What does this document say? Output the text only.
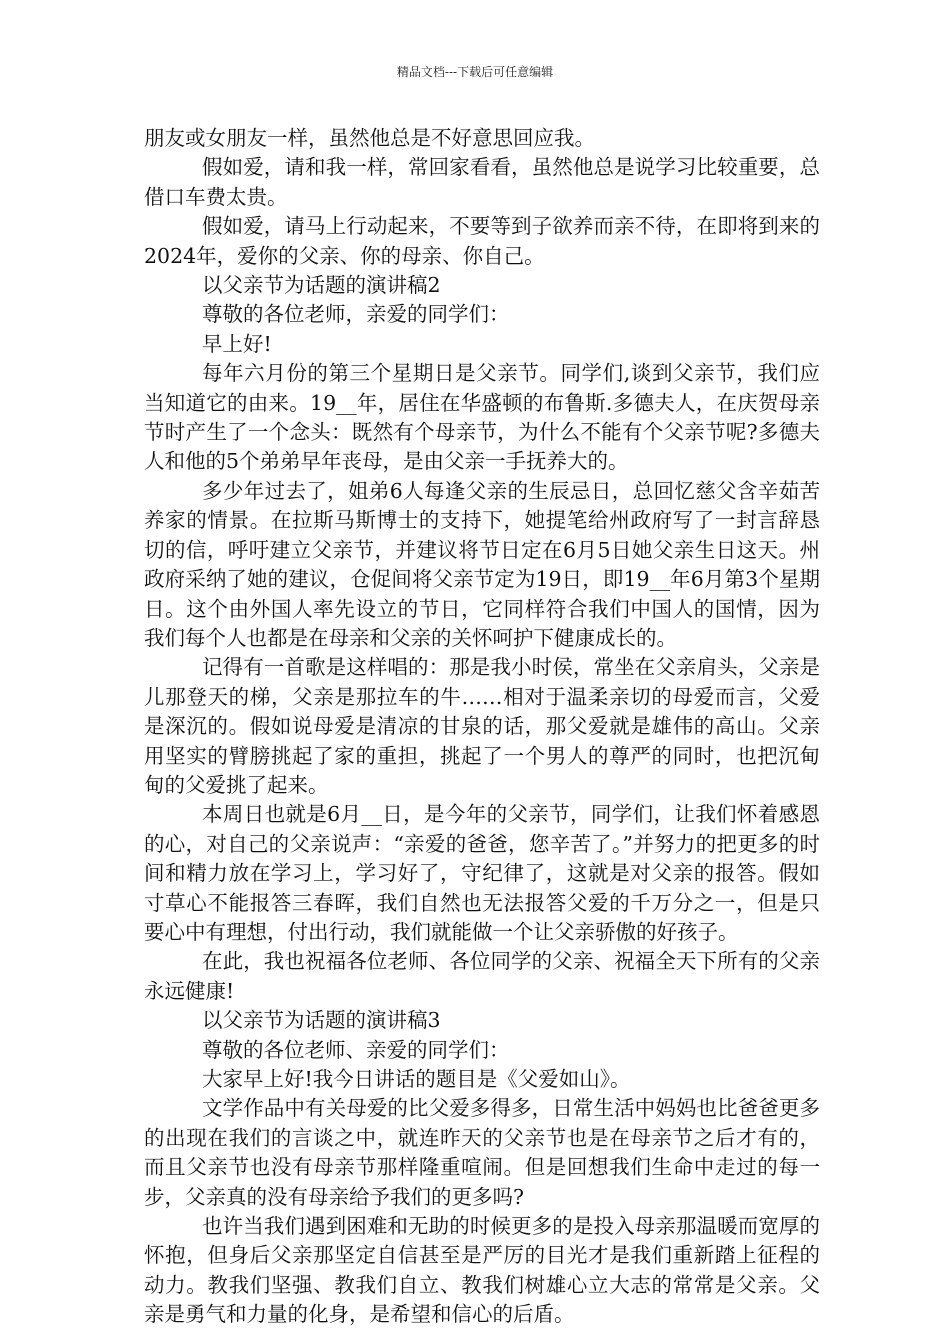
精品文档---下载后可任意编辑

朋友或女朋友一样，虽然他总是不好意思回应我。

假如爱，请和我一样，常回家看看，虽然他总是说学习比较重要，总借口车费太贵。

假如爱，请马上行动起来，不要等到子欲养而亲不待，在即将到来的2024年，爱你的父亲、你的母亲、你自己。

以父亲节为话题的演讲稿2

尊敬的各位老师，亲爱的同学们：

早上好!

每年六月份的第三个星期日是父亲节。同学们,谈到父亲节，我们应当知道它的由来。19__年，居住在华盛顿的布鲁斯.多德夫人，在庆贺母亲节时产生了一个念头：既然有个母亲节，为什么不能有个父亲节呢?多德夫人和他的5个弟弟早年丧母，是由父亲一手抚养大的。

多少年过去了，姐弟6人每逢父亲的生辰忌日，总回忆慈父含辛茹苦养家的情景。在拉斯马斯博士的支持下，她提笔给州政府写了一封言辞恳切的信，呼吁建立父亲节，并建议将节日定在6月5日她父亲生日这天。州政府采纳了她的建议，仓促间将父亲节定为19日，即19__年6月第3个星期日。这个由外国人率先设立的节日，它同样符合我们中国人的国情，因为我们每个人也都是在母亲和父亲的关怀呵护下健康成长的。

记得有一首歌是这样唱的：那是我小时侯，常坐在父亲肩头，父亲是儿那登天的梯，父亲是那拉车的牛……相对于温柔亲切的母爱而言，父爱是深沉的。假如说母爱是清凉的甘泉的话，那父爱就是雄伟的高山。父亲用坚实的臂膀挑起了家的重担，挑起了一个男人的尊严的同时，也把沉甸甸的父爱挑了起来。

本周日也就是6月__日，是今年的父亲节，同学们，让我们怀着感恩的心，对自己的父亲说声：“亲爱的爸爸，您辛苦了。”并努力的把更多的时间和精力放在学习上，学习好了，守纪律了，这就是对父亲的报答。假如寸草心不能报答三春晖，我们自然也无法报答父爱的千万分之一，但是只要心中有理想，付出行动，我们就能做一个让父亲骄傲的好孩子。

在此，我也祝福各位老师、各位同学的父亲、祝福全天下所有的父亲永远健康!

以父亲节为话题的演讲稿3

尊敬的各位老师、亲爱的同学们：

大家早上好!我今日讲话的题目是《父爱如山》。

文学作品中有关母爱的比父爱多得多，日常生活中妈妈也比爸爸更多的出现在我们的言谈之中，就连昨天的父亲节也是在母亲节之后才有的，而且父亲节也没有母亲节那样隆重喧闹。但是回想我们生命中走过的每一步，父亲真的没有母亲给予我们的更多吗?

也许当我们遇到困难和无助的时候更多的是投入母亲那温暖而宽厚的怀抱，但身后父亲那坚定自信甚至是严厉的目光才是我们重新踏上征程的动力。教我们坚强、教我们自立、教我们树雄心立大志的常常是父亲。父亲是勇气和力量的化身，是希望和信心的后盾。
